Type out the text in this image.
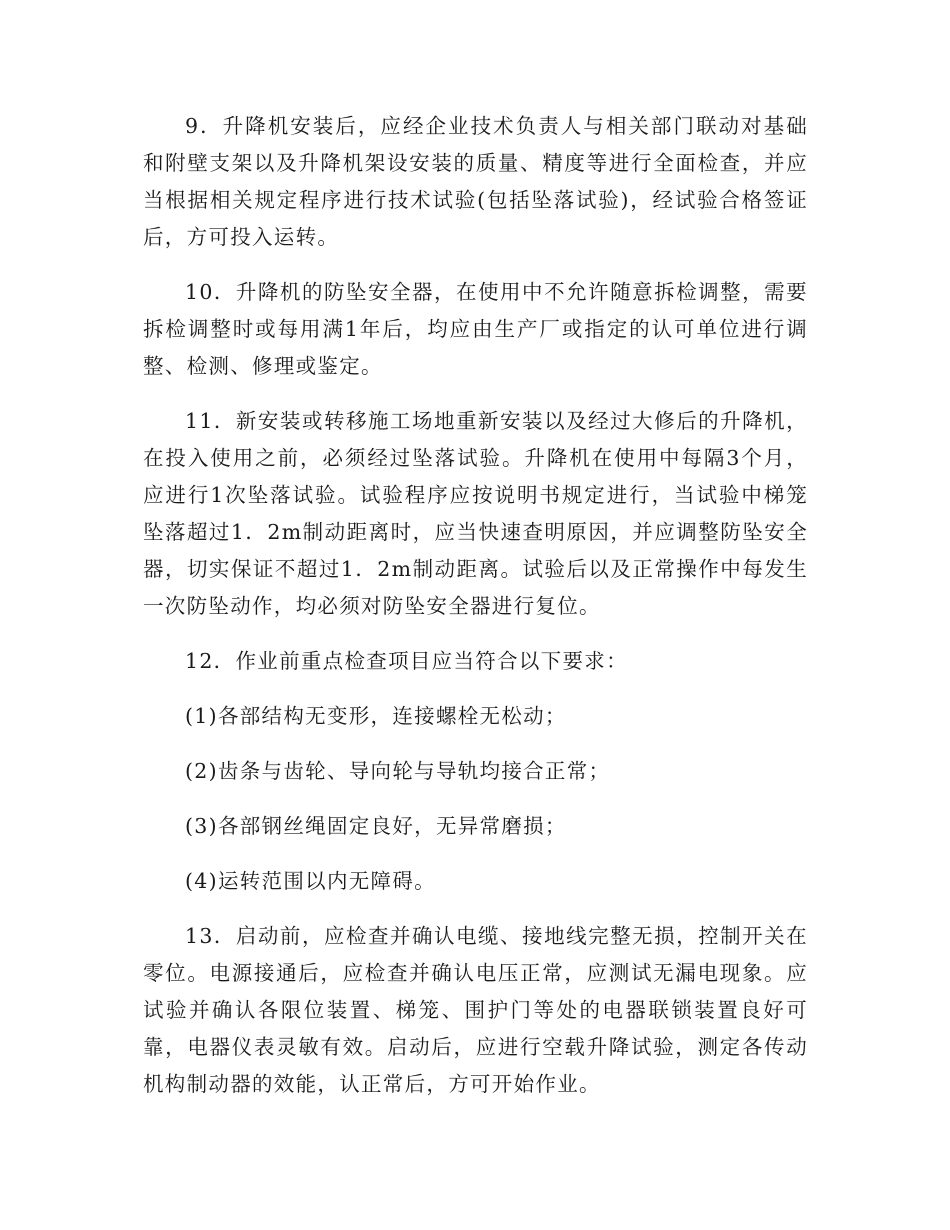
9．升降机安装后，应经企业技术负责人与相关部门联动对基础和附壁支架以及升降机架设安装的质量、精度等进行全面检查，并应当根据相关规定程序进行技术试验(包括坠落试验)，经试验合格签证后，方可投入运转。

10．升降机的防坠安全器，在使用中不允许随意拆检调整，需要拆检调整时或每用满1年后，均应由生产厂或指定的认可单位进行调整、检测、修理或鉴定。

11．新安装或转移施工场地重新安装以及经过大修后的升降机，在投入使用之前，必须经过坠落试验。升降机在使用中每隔3个月，应进行1次坠落试验。试验程序应按说明书规定进行，当试验中梯笼坠落超过1．2m制动距离时，应当快速查明原因，并应调整防坠安全器，切实保证不超过1．2m制动距离。试验后以及正常操作中每发生一次防坠动作，均必须对防坠安全器进行复位。

12．作业前重点检查项目应当符合以下要求：

(1)各部结构无变形，连接螺栓无松动；

(2)齿条与齿轮、导向轮与导轨均接合正常；

(3)各部钢丝绳固定良好，无异常磨损；

(4)运转范围以内无障碍。

13．启动前，应检查并确认电缆、接地线完整无损，控制开关在零位。电源接通后，应检查并确认电压正常，应测试无漏电现象。应试验并确认各限位装置、梯笼、围护门等处的电器联锁装置良好可靠，电器仪表灵敏有效。启动后，应进行空载升降试验，测定各传动机构制动器的效能，认正常后，方可开始作业。
